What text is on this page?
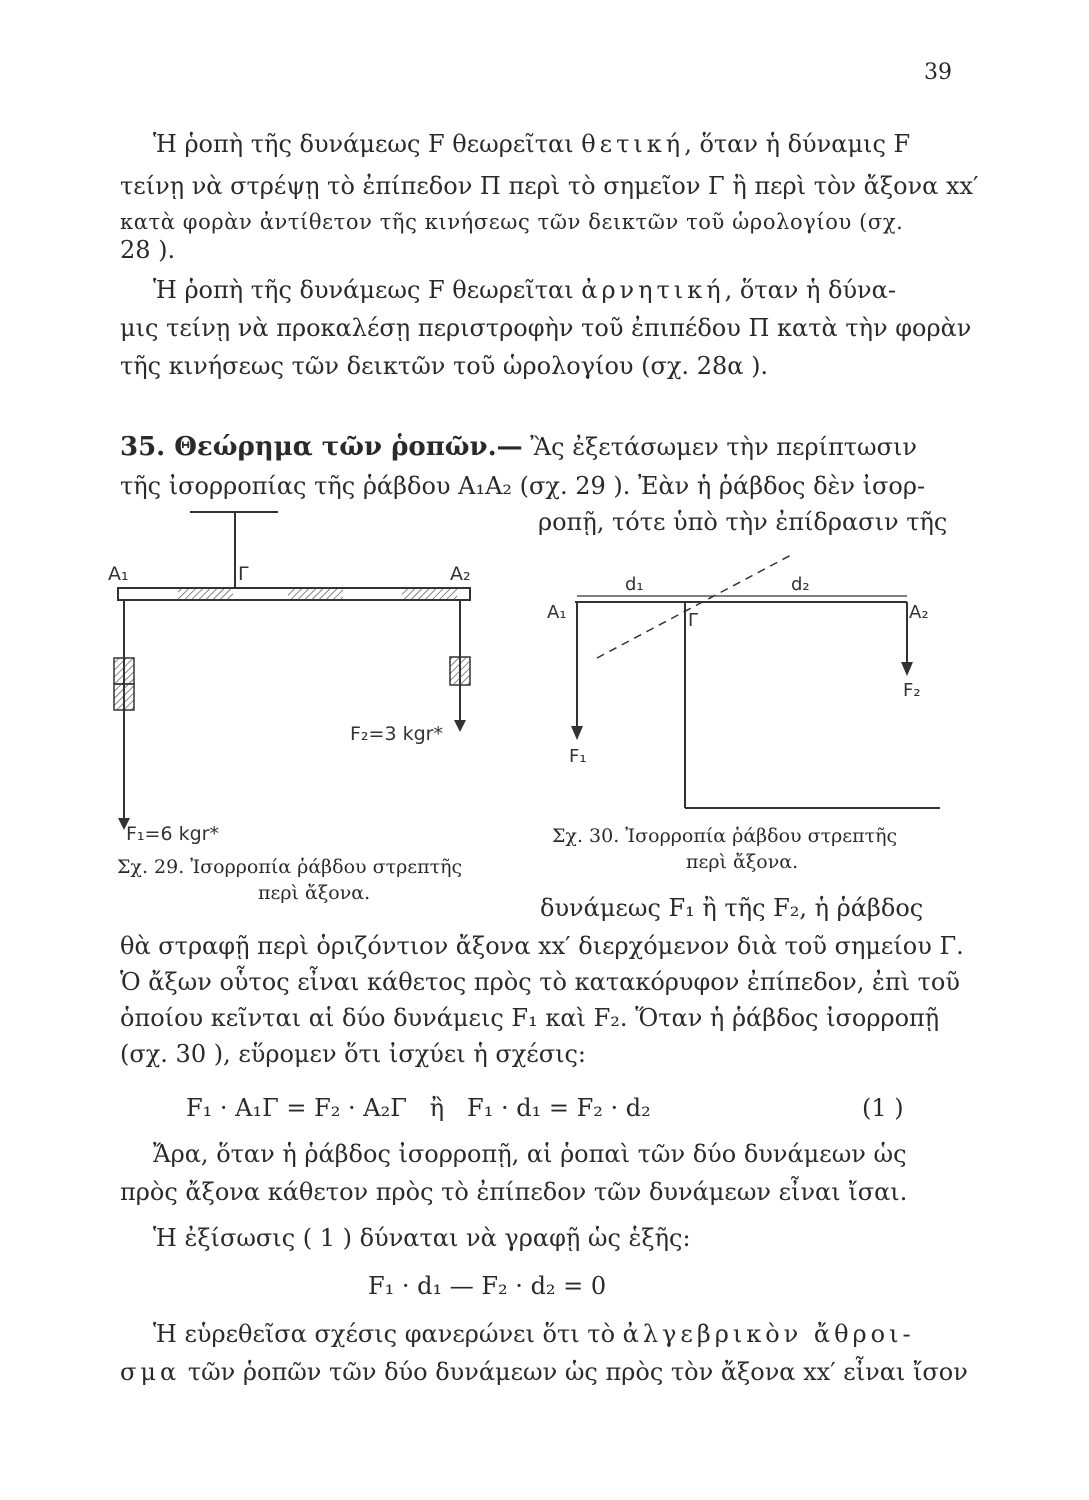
39
Ἡ ῥοπὴ τῆς δυνάμεως F θεωρεῖται θετική, ὅταν ἡ δύναμις F
τείνῃ νὰ στρέψῃ τὸ ἐπίπεδον Π περὶ τὸ σημεῖον Γ ἢ περὶ τὸν ἄξονα xx′
κατὰ φορὰν ἀντίθετον τῆς κινήσεως τῶν δεικτῶν τοῦ ὡρολογίου (σχ.
28 ).
Ἡ ῥοπὴ τῆς δυνάμεως F θεωρεῖται ἀρνητική, ὅταν ἡ δύνα-
μις τείνῃ νὰ προκαλέσῃ περιστροφὴν τοῦ ἐπιπέδου Π κατὰ τὴν φορὰν
τῆς κινήσεως τῶν δεικτῶν τοῦ ὡρολογίου (σχ. 28α ).
35. Θεώρημα τῶν ῥοπῶν.— Ἂς ἐξετάσωμεν τὴν περίπτωσιν
τῆς ἰσορροπίας τῆς ῥάβδου A₁A₂ (σχ. 29 ). Ἐὰν ἡ ῥάβδος δὲν ἰσορ-
ροπῇ, τότε ὑπὸ τὴν ἐπίδρασιν τῆς
A₁	Γ	A₂
F₂=3 kgr*
F₁=6 kgr*
Σχ. 29. Ἰσορροπία ῥάβδου στρεπτῆς
περὶ ἄξονα.
d₁	d₂
A₁	Γ	A₂
F₁
F₂
Σχ. 30. Ἰσορροπία ῥάβδου στρεπτῆς
περὶ ἄξονα.
δυνάμεως F₁ ἢ τῆς F₂, ἡ ῥάβδος
θὰ στραφῇ περὶ ὁριζόντιον ἄξονα xx′ διερχόμενον διὰ τοῦ σημείου Γ.
Ὁ ἄξων οὗτος εἶναι κάθετος πρὸς τὸ κατακόρυφον ἐπίπεδον, ἐπὶ τοῦ
ὁποίου κεῖνται αἱ δύο δυνάμεις F₁ καὶ F₂. Ὅταν ἡ ῥάβδος ἰσορροπῇ
(σχ. 30 ), εὕρομεν ὅτι ἰσχύει ἡ σχέσις:
F₁ · A₁Γ = F₂ · A₂Γ   ἢ   F₁ · d₁ = F₂ · d₂	(1 )
Ἄρα, ὅταν ἡ ῥάβδος ἰσορροπῇ, αἱ ῥοπαὶ τῶν δύο δυνάμεων ὡς
πρὸς ἄξονα κάθετον πρὸς τὸ ἐπίπεδον τῶν δυνάμεων εἶναι ἴσαι.
Ἡ ἐξίσωσις ( 1 ) δύναται νὰ γραφῇ ὡς ἑξῆς:
F₁ · d₁ — F₂ · d₂ = 0
Ἡ εὑρεθεῖσα σχέσις φανερώνει ὅτι τὸ ἀλγεβρικὸν ἄθροι-
σμα τῶν ῥοπῶν τῶν δύο δυνάμεων ὡς πρὸς τὸν ἄξονα xx′ εἶναι ἴσον
